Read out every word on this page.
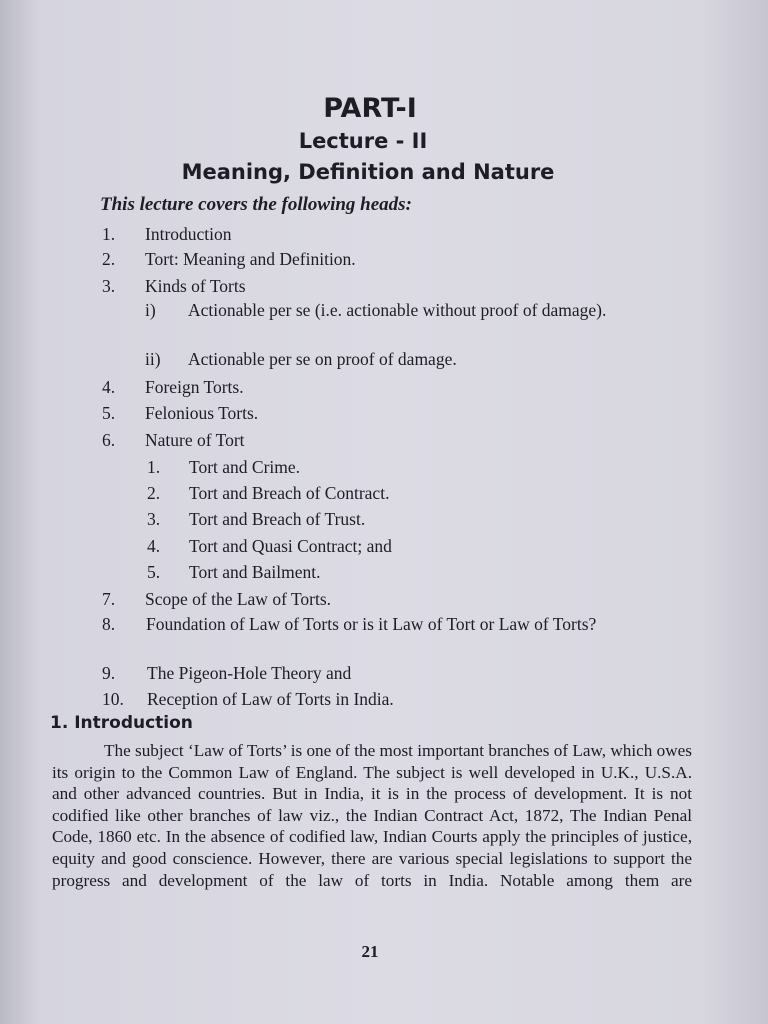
PART-I
Lecture - II
Meaning, Definition and Nature
This lecture covers the following heads:
1. Introduction
2. Tort: Meaning and Definition.
3. Kinds of Torts
i) Actionable per se (i.e. actionable without proof of damage).
ii) Actionable per se on proof of damage.
4. Foreign Torts.
5. Felonious Torts.
6. Nature of Tort
1. Tort and Crime.
2. Tort and Breach of Contract.
3. Tort and Breach of Trust.
4. Tort and Quasi Contract; and
5. Tort and Bailment.
7. Scope of the Law of Torts.
8. Foundation of Law of Torts or is it Law of Tort or Law of Torts?
9. The Pigeon-Hole Theory and
10. Reception of Law of Torts in India.
1. Introduction

The subject ‘Law of Torts’ is one of the most important branches of Law, which owes its origin to the Common Law of England. The subject is well developed in U.K., U.S.A. and other advanced countries. But in India, it is in the process of development. It is not codified like other branches of law viz., the Indian Contract Act, 1872, The Indian Penal Code, 1860 etc. In the absence of codified law, Indian Courts apply the principles of justice, equity and good conscience. However, there are various special legislations to support the progress and development of the law of torts in India. Notable among them are

21
